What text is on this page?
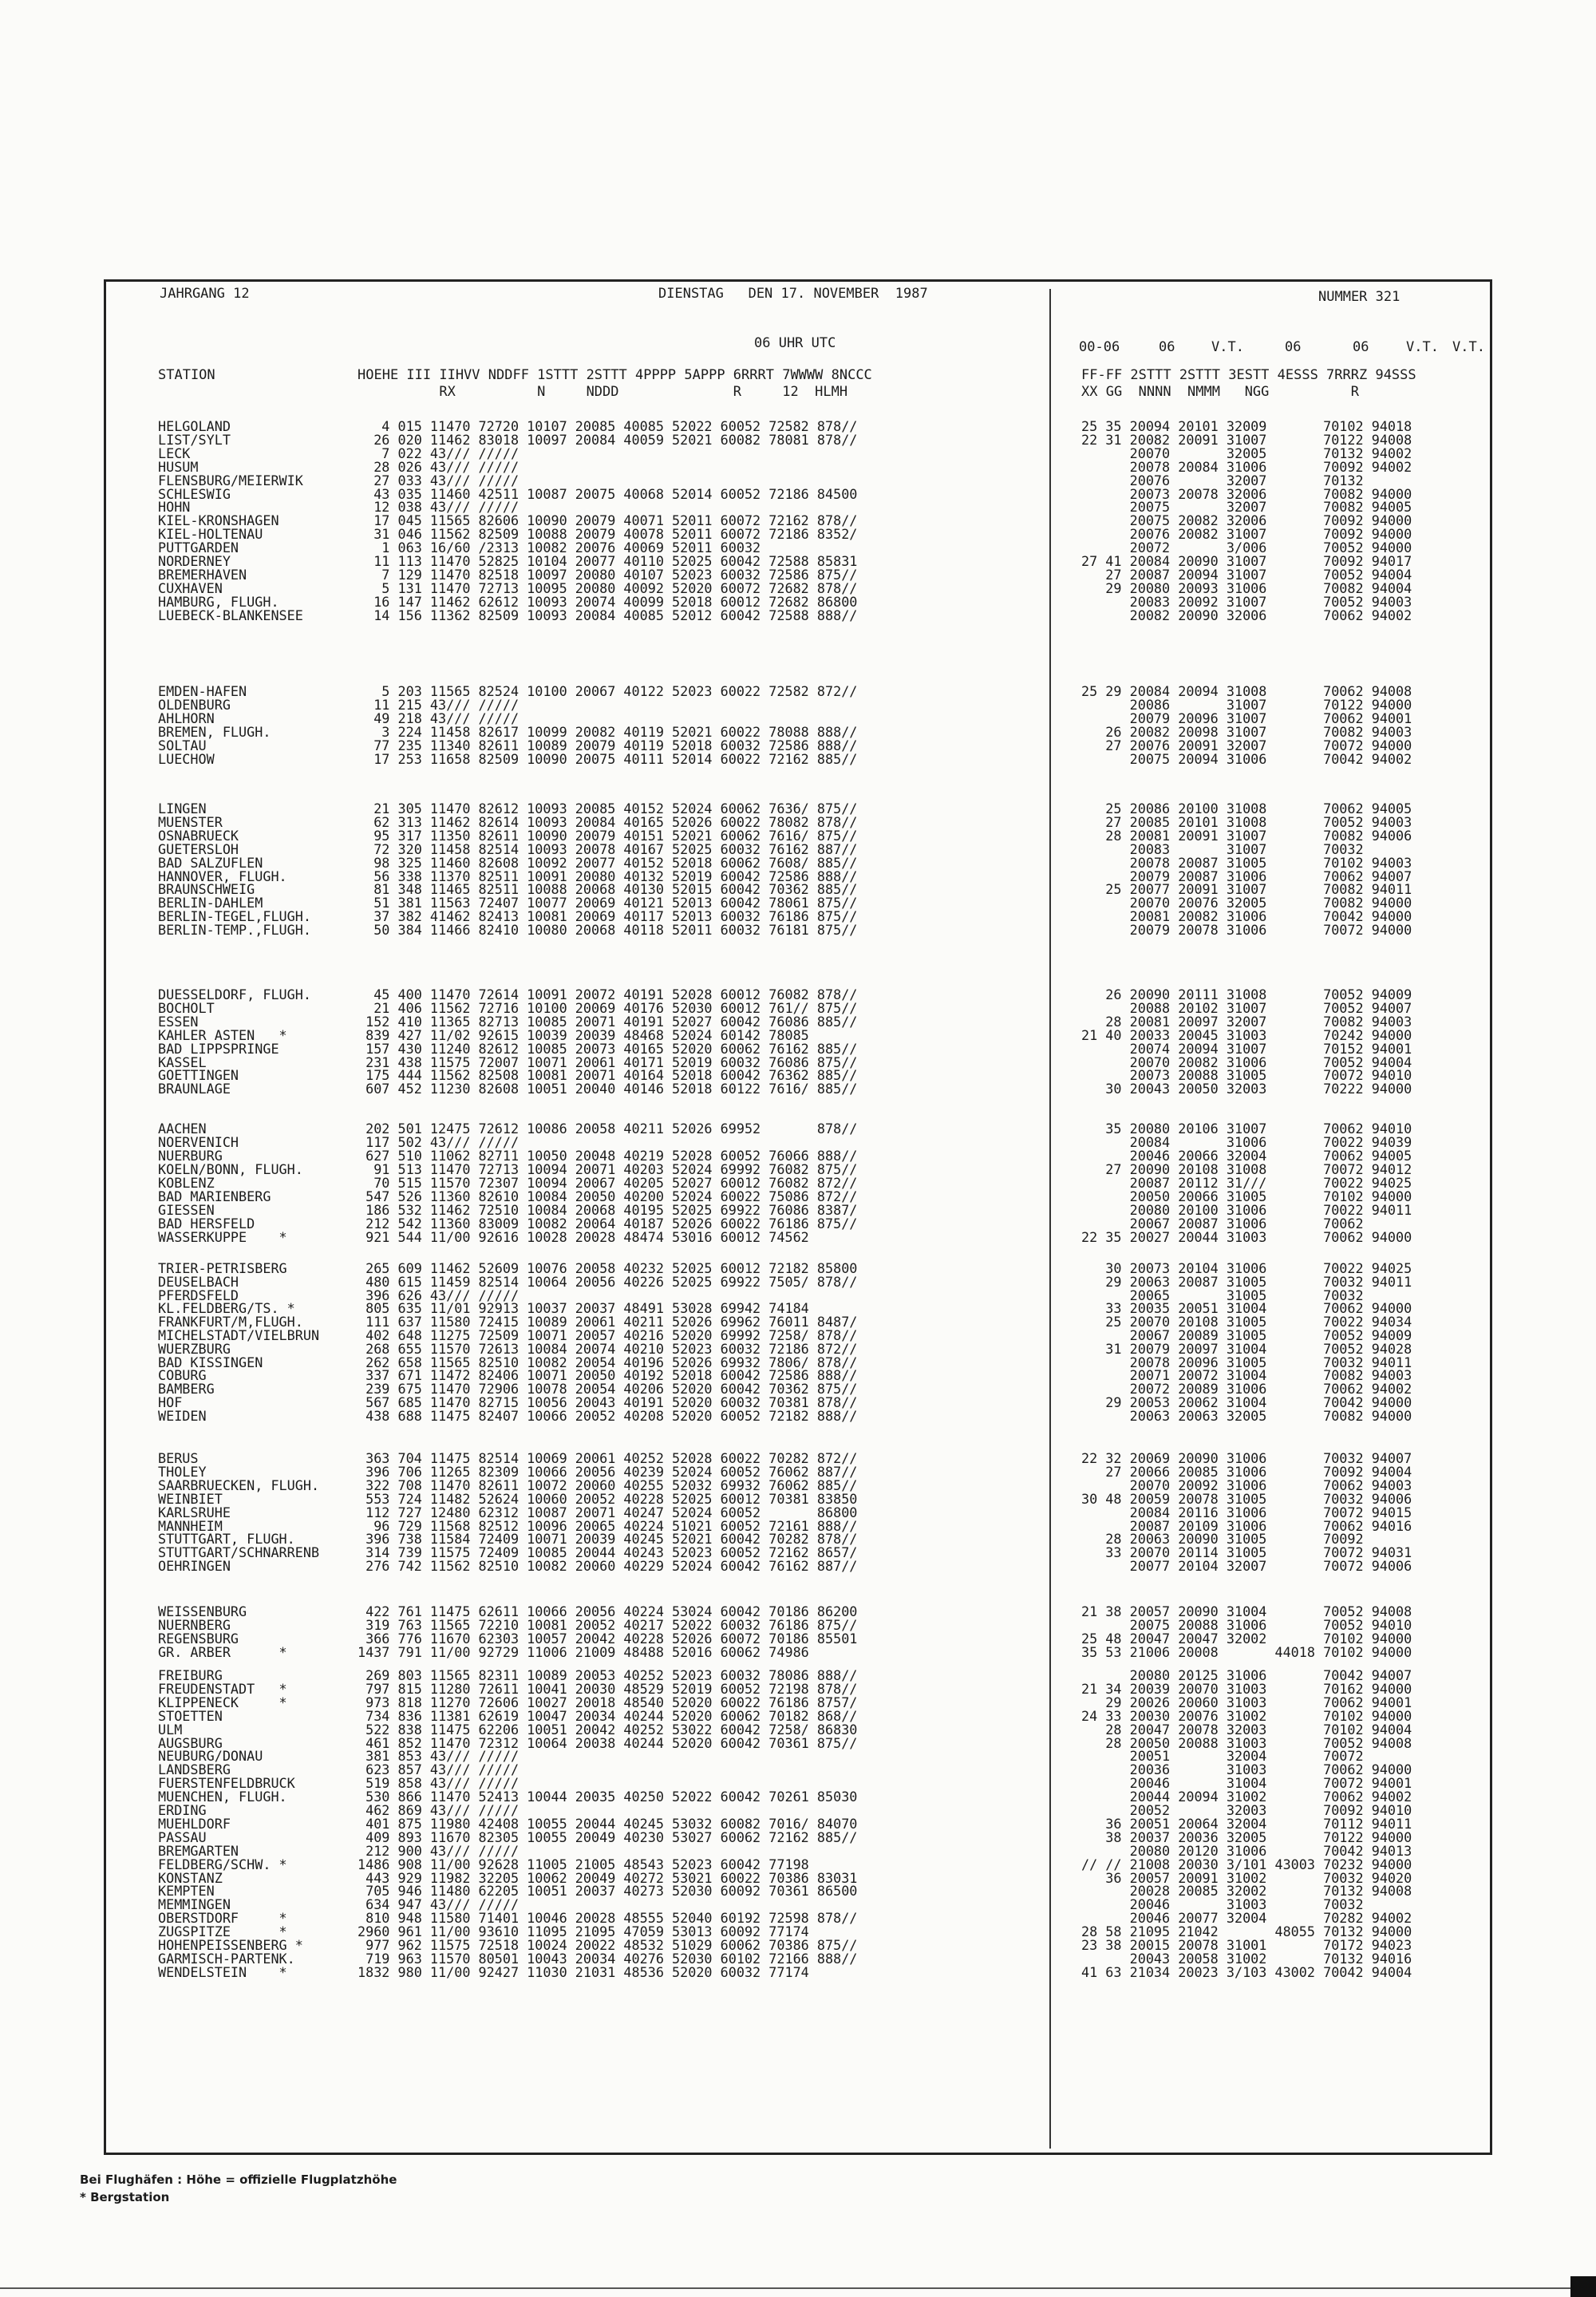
JAHRGANG 12	DIENSTAG   DEN 17. NOVEMBER  1987	NUMMER 321
06 UHR UTC	00-06	06	V.T.	06	06	V.T. V.T.
STATION	HOEHE III IIHVV NDDFF 1STTT 2STTT 4PPPP 5APPP 6RRRT 7WWWW 8NCCC
RX          N     NDDD              R     12  HLMH
FF-FF 2STTT 2STTT 3ESTT 4ESSS 7RRRZ 94SSS
XX GG  NNNN  NMMM   NGG          R
HELGOLAND	4 015 11470 72720 10107 20085 40085 52022 60052 72582 878//	25 35 20094 20101 32009       70102 94018
LIST/SYLT	26 020 11462 83018 10097 20084 40059 52021 60082 78081 878//	22 31 20082 20091 31007       70122 94008
LECK	7 022 43/// /////	20070       32005       70132 94002
HUSUM	28 026 43/// /////	20078 20084 31006       70092 94002
FLENSBURG/MEIERWIK	27 033 43/// /////	20076       32007       70132
SCHLESWIG	43 035 11460 42511 10087 20075 40068 52014 60052 72186 84500	20073 20078 32006       70082 94000
HOHN	12 038 43/// /////	20075       32007       70082 94005
KIEL-KRONSHAGEN	17 045 11565 82606 10090 20079 40071 52011 60072 72162 878//	20075 20082 32006       70092 94000
KIEL-HOLTENAU	31 046 11562 82509 10088 20079 40078 52011 60072 72186 8352/	20076 20082 31007       70092 94000
PUTTGARDEN	1 063 16/60 /2313 10082 20076 40069 52011 60032	20072       3/006       70052 94000
NORDERNEY	11 113 11470 52825 10104 20077 40110 52025 60042 72588 85831	27 41 20084 20090 31007       70092 94017
BREMERHAVEN	7 129 11470 82518 10097 20080 40107 52023 60032 72586 875//	27 20087 20094 31007       70052 94004
CUXHAVEN	5 131 11470 72713 10095 20080 40092 52020 60072 72682 878//	29 20080 20093 31006       70082 94004
HAMBURG, FLUGH.	16 147 11462 62612 10093 20074 40099 52018 60012 72682 86800	20083 20092 31007       70052 94003
LUEBECK-BLANKENSEE	14 156 11362 82509 10093 20084 40085 52012 60042 72588 888//	20082 20090 32006       70062 94002
EMDEN-HAFEN	5 203 11565 82524 10100 20067 40122 52023 60022 72582 872//	25 29 20084 20094 31008       70062 94008
OLDENBURG	11 215 43/// /////	20086       31007       70122 94000
AHLHORN	49 218 43/// /////	20079 20096 31007       70062 94001
BREMEN, FLUGH.	3 224 11458 82617 10099 20082 40119 52021 60022 78088 888//	26 20082 20098 31007       70082 94003
SOLTAU	77 235 11340 82611 10089 20079 40119 52018 60032 72586 888//	27 20076 20091 32007       70072 94000
LUECHOW	17 253 11658 82509 10090 20075 40111 52014 60022 72162 885//	20075 20094 31006       70042 94002
LINGEN	21 305 11470 82612 10093 20085 40152 52024 60062 7636/ 875//	25 20086 20100 31008       70062 94005
MUENSTER	62 313 11462 82614 10093 20084 40165 52026 60022 78082 878//	27 20085 20101 31008       70052 94003
OSNABRUECK	95 317 11350 82611 10090 20079 40151 52021 60062 7616/ 875//	28 20081 20091 31007       70082 94006
GUETERSLOH	72 320 11458 82514 10093 20078 40167 52025 60032 76162 887//	20083       31007       70032
BAD SALZUFLEN	98 325 11460 82608 10092 20077 40152 52018 60062 7608/ 885//	20078 20087 31005       70102 94003
HANNOVER, FLUGH.	56 338 11370 82511 10091 20080 40132 52019 60042 72586 888//	20079 20087 31006       70062 94007
BRAUNSCHWEIG	81 348 11465 82511 10088 20068 40130 52015 60042 70362 885//	25 20077 20091 31007       70082 94011
BERLIN-DAHLEM	51 381 11563 72407 10077 20069 40121 52013 60042 78061 875//	20070 20076 32005       70082 94000
BERLIN-TEGEL,FLUGH.	37 382 41462 82413 10081 20069 40117 52013 60032 76186 875//	20081 20082 31006       70042 94000
BERLIN-TEMP.,FLUGH.	50 384 11466 82410 10080 20068 40118 52011 60032 76181 875//	20079 20078 31006       70072 94000
DUESSELDORF, FLUGH.	45 400 11470 72614 10091 20072 40191 52028 60012 76082 878//	26 20090 20111 31008       70052 94009
BOCHOLT	21 406 11562 72716 10100 20069 40176 52030 60012 761// 875//	20088 20102 31007       70052 94007
ESSEN	152 410 11365 82713 10085 20071 40191 52027 60042 76086 885//	28 20081 20097 32007       70082 94003
KAHLER ASTEN   *	839 427 11/02 92615 10039 20039 48468 52024 60142 78085	21 40 20033 20045 31003       70242 94000
BAD LIPPSPRINGE	157 430 11240 82612 10085 20073 40165 52020 60062 76162 885//	20074 20094 31007       70152 94001
KASSEL	231 438 11575 72007 10071 20061 40171 52019 60032 76086 875//	20070 20082 31006       70052 94004
GOETTINGEN	175 444 11562 82508 10081 20071 40164 52018 60042 76362 885//	20073 20088 31005       70072 94010
BRAUNLAGE	607 452 11230 82608 10051 20040 40146 52018 60122 7616/ 885//	30 20043 20050 32003       70222 94000
AACHEN	202 501 12475 72612 10086 20058 40211 52026 69952       878//	35 20080 20106 31007       70062 94010
NOERVENICH	117 502 43/// /////	20084       31006       70022 94039
NUERBURG	627 510 11062 82711 10050 20048 40219 52028 60052 76066 888//	20046 20066 32004       70062 94005
KOELN/BONN, FLUGH.	91 513 11470 72713 10094 20071 40203 52024 69992 76082 875//	27 20090 20108 31008       70072 94012
KOBLENZ	70 515 11570 72307 10094 20067 40205 52027 60012 76082 872//	20087 20112 31///       70022 94025
BAD MARIENBERG	547 526 11360 82610 10084 20050 40200 52024 60022 75086 872//	20050 20066 31005       70102 94000
GIESSEN	186 532 11462 72510 10084 20068 40195 52025 69922 76086 8387/	20080 20100 31006       70022 94011
BAD HERSFELD	212 542 11360 83009 10082 20064 40187 52026 60022 76186 875//	20067 20087 31006       70062
WASSERKUPPE    *	921 544 11/00 92616 10028 20028 48474 53016 60012 74562	22 35 20027 20044 31003       70062 94000
TRIER-PETRISBERG	265 609 11462 52609 10076 20058 40232 52025 60012 72182 85800	30 20073 20104 31006       70022 94025
DEUSELBACH	480 615 11459 82514 10064 20056 40226 52025 69922 7505/ 878//	29 20063 20087 31005       70032 94011
PFERDSFELD	396 626 43/// /////	20065       31005       70032
KL.FELDBERG/TS. *	805 635 11/01 92913 10037 20037 48491 53028 69942 74184	33 20035 20051 31004       70062 94000
FRANKFURT/M,FLUGH.	111 637 11580 72415 10089 20061 40211 52026 69962 76011 8487/	25 20070 20108 31005       70022 94034
MICHELSTADT/VIELBRUN	402 648 11275 72509 10071 20057 40216 52020 69992 7258/ 878//	20067 20089 31005       70052 94009
WUERZBURG	268 655 11570 72613 10084 20074 40210 52023 60032 72186 872//	31 20079 20097 31004       70052 94028
BAD KISSINGEN	262 658 11565 82510 10082 20054 40196 52026 69932 7806/ 878//	20078 20096 31005       70032 94011
COBURG	337 671 11472 82406 10071 20050 40192 52018 60042 72586 888//	20071 20072 31004       70082 94003
BAMBERG	239 675 11470 72906 10078 20054 40206 52020 60042 70362 875//	20072 20089 31006       70062 94002
HOF	567 685 11470 82715 10056 20043 40191 52020 60032 70381 878//	29 20053 20062 31004       70042 94000
WEIDEN	438 688 11475 82407 10066 20052 40208 52020 60052 72182 888//	20063 20063 32005       70082 94000
BERUS	363 704 11475 82514 10069 20061 40252 52028 60022 70282 872//	22 32 20069 20090 31006       70032 94007
THOLEY	396 706 11265 82309 10066 20056 40239 52024 60052 76062 887//	27 20066 20085 31006       70092 94004
SAARBRUECKEN, FLUGH.	322 708 11470 82611 10072 20060 40255 52032 69932 76062 885//	20070 20092 31006       70062 94003
WEINBIET	553 724 11482 52624 10060 20052 40228 52025 60012 70381 83850	30 48 20059 20078 31005       70032 94006
KARLSRUHE	112 727 12480 62312 10087 20071 40247 52024 60052       86800	20084 20116 31006       70072 94015
MANNHEIM	96 729 11568 82512 10096 20065 40224 51021 60052 72161 888//	20087 20109 31006       70062 94016
STUTTGART, FLUGH.	396 738 11584 72409 10071 20039 40245 52021 60042 70282 878//	28 20063 20090 31005       70092
STUTTGART/SCHNARRENB	314 739 11575 72409 10085 20044 40243 52023 60052 72162 8657/	33 20070 20114 31005       70072 94031
OEHRINGEN	276 742 11562 82510 10082 20060 40229 52024 60042 76162 887//	20077 20104 32007       70072 94006
WEISSENBURG	422 761 11475 62611 10066 20056 40224 53024 60042 70186 86200	21 38 20057 20090 31004       70052 94008
NUERNBERG	319 763 11565 72210 10081 20052 40217 52022 60032 76186 875//	20075 20088 31006       70052 94010
REGENSBURG	366 776 11670 62303 10057 20042 40228 52026 60072 70186 85501	25 48 20047 20047 32002       70102 94000
GR. ARBER      *	1437 791 11/00 92729 11006 21009 48488 52016 60062 74986	35 53 21006 20008       44018 70102 94000
FREIBURG	269 803 11565 82311 10089 20053 40252 52023 60032 78086 888//	20080 20125 31006       70042 94007
FREUDENSTADT   *	797 815 11280 72611 10041 20030 48529 52019 60052 72198 878//	21 34 20039 20070 31003       70162 94000
KLIPPENECK     *	973 818 11270 72606 10027 20018 48540 52020 60022 76186 8757/	29 20026 20060 31003       70062 94001
STOETTEN	734 836 11381 62619 10047 20034 40244 52020 60062 70182 868//	24 33 20030 20076 31002       70102 94000
ULM	522 838 11475 62206 10051 20042 40252 53022 60042 7258/ 86830	28 20047 20078 32003       70102 94004
AUGSBURG	461 852 11470 72312 10064 20038 40244 52020 60042 70361 875//	28 20050 20088 31003       70052 94008
NEUBURG/DONAU	381 853 43/// /////	20051       32004       70072
LANDSBERG	623 857 43/// /////	20036       31003       70062 94000
FUERSTENFELDBRUCK	519 858 43/// /////	20046       31004       70072 94001
MUENCHEN, FLUGH.	530 866 11470 52413 10044 20035 40250 52022 60042 70261 85030	20044 20094 31002       70062 94002
ERDING	462 869 43/// /////	20052       32003       70092 94010
MUEHLDORF	401 875 11980 42408 10055 20044 40245 53032 60082 7016/ 84070	36 20051 20064 32004       70112 94011
PASSAU	409 893 11670 82305 10055 20049 40230 53027 60062 72162 885//	38 20037 20036 32005       70122 94000
BREMGARTEN	212 900 43/// /////	20080 20120 31006       70042 94013
FELDBERG/SCHW. *	1486 908 11/00 92628 11005 21005 48543 52023 60042 77198	// // 21008 20030 3/101 43003 70232 94000
KONSTANZ	443 929 11982 32205 10062 20049 40272 53021 60022 70386 83031	36 20057 20091 31002       70032 94020
KEMPTEN	705 946 11480 62205 10051 20037 40273 52030 60092 70361 86500	20028 20085 32002       70132 94008
MEMMINGEN	634 947 43/// /////	20046       31003       70032
OBERSTDORF     *	810 948 11580 71401 10046 20028 48555 52040 60192 72598 878//	20046 20077 32004       70282 94002
ZUGSPITZE      *	2960 961 11/00 93610 11095 21095 47059 53013 60092 77174	28 58 21095 21042       48055 70132 94000
HOHENPEISSENBERG *	977 962 11575 72518 10024 20022 48532 51029 60062 70386 875//	23 38 20015 20078 31001       70172 94023
GARMISCH-PARTENK.	719 963 11570 80501 10043 20034 40276 52030 60102 72166 888//	20043 20058 31002       70132 94016
WENDELSTEIN    *	1832 980 11/00 92427 11030 21031 48536 52020 60032 77174	41 63 21034 20023 3/103 43002 70042 94004
Bei Flughäfen : Höhe = offizielle Flugplatzhöhe
* Bergstation
